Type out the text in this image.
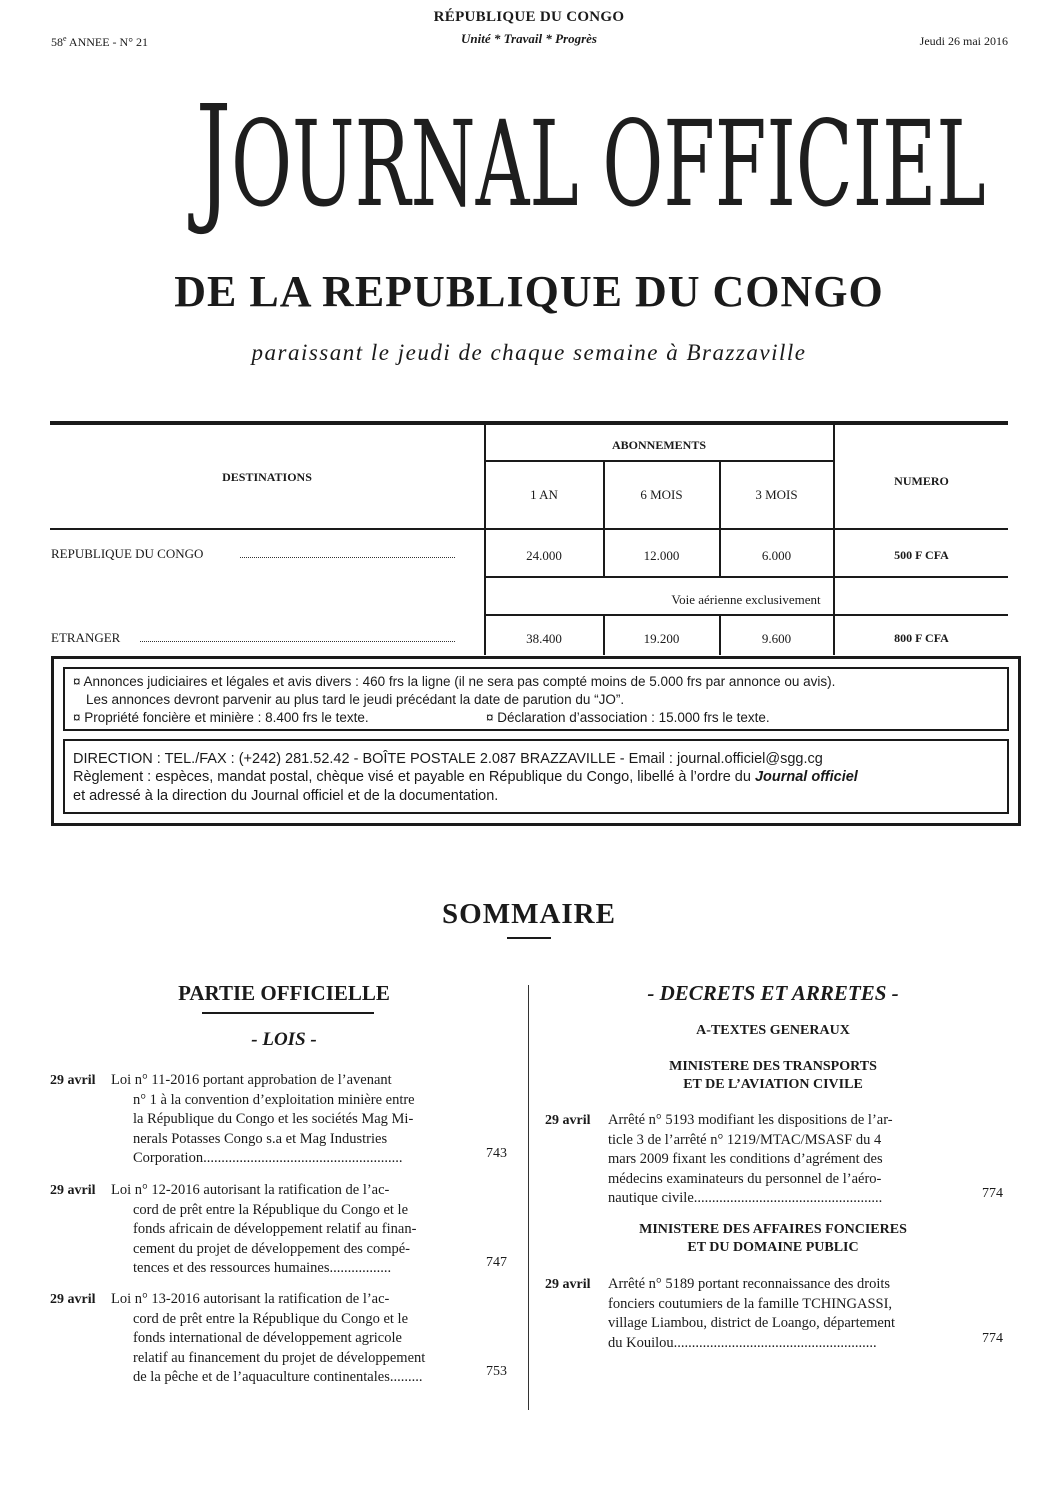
RÉPUBLIQUE DU CONGO
Unité * Travail * Progrès
58e ANNEE - N° 21	Jeudi 26 mai 2016
JOURNAL OFFICIEL
DE LA REPUBLIQUE DU CONGO
paraissant le jeudi de chaque semaine à Brazzaville
ABONNEMENTS
DESTINATIONS	NUMERO
1 AN	6 MOIS	3 MOIS
REPUBLIQUE DU CONGO	24.000	12.000	6.000	500 F CFA
Voie aérienne exclusivement
ETRANGER	38.400	19.200	9.600	800 F CFA
¤ Annonces judiciaires et légales et avis divers : 460 frs la ligne (il ne sera pas compté moins de 5.000 frs par annonce ou avis).
Les annonces devront parvenir au plus tard le jeudi précédant la date de parution du “JO”.
¤ Propriété foncière et minière : 8.400 frs le texte.	¤ Déclaration d’association : 15.000 frs le texte.
DIRECTION : TEL./FAX : (+242) 281.52.42 - BOÎTE POSTALE 2.087 BRAZZAVILLE - Email : journal.officiel@sgg.cg
Règlement : espèces, mandat postal, chèque visé et payable en République du Congo, libellé à l’ordre du Journal officiel
et adressé à la direction du Journal officiel et de la documentation.
SOMMAIRE
PARTIE OFFICIELLE
- LOIS -
29 avril Loi n° 11-2016 portant approbation de l’avenant
n° 1 à la convention d’exploitation minière entre
la République du Congo et les sociétés Mag Mi-
nerals Potasses Congo s.a et Mag Industries
Corporation.......................................................	743
29 avril Loi n° 12-2016 autorisant la ratification de l’ac-
cord de prêt entre la République du Congo et le
fonds africain de développement relatif au finan-
cement du projet de développement des compé-
tences et des ressources humaines.................	747
29 avril Loi n° 13-2016 autorisant la ratification de l’ac-
cord de prêt entre la République du Congo et le
fonds international de développement agricole
relatif au financement du projet de développement
de la pêche et de l’aquaculture continentales.........	753
- DECRETS ET ARRETES -
A-TEXTES GENERAUX
MINISTERE DES TRANSPORTS
ET DE L’AVIATION CIVILE
29 avril Arrêté n° 5193 modifiant les dispositions de l’ar-
ticle 3 de l’arrêté n° 1219/MTAC/MSASF du 4
mars 2009 fixant les conditions d’agrément des
médecins examinateurs du personnel de l’aéro-
nautique civile....................................................	774
MINISTERE DES AFFAIRES FONCIERES
ET DU DOMAINE PUBLIC
29 avril Arrêté n° 5189 portant reconnaissance des droits
fonciers coutumiers de la famille TCHINGASSI,
village Liambou, district de Loango, département
du Kouilou........................................................	774
